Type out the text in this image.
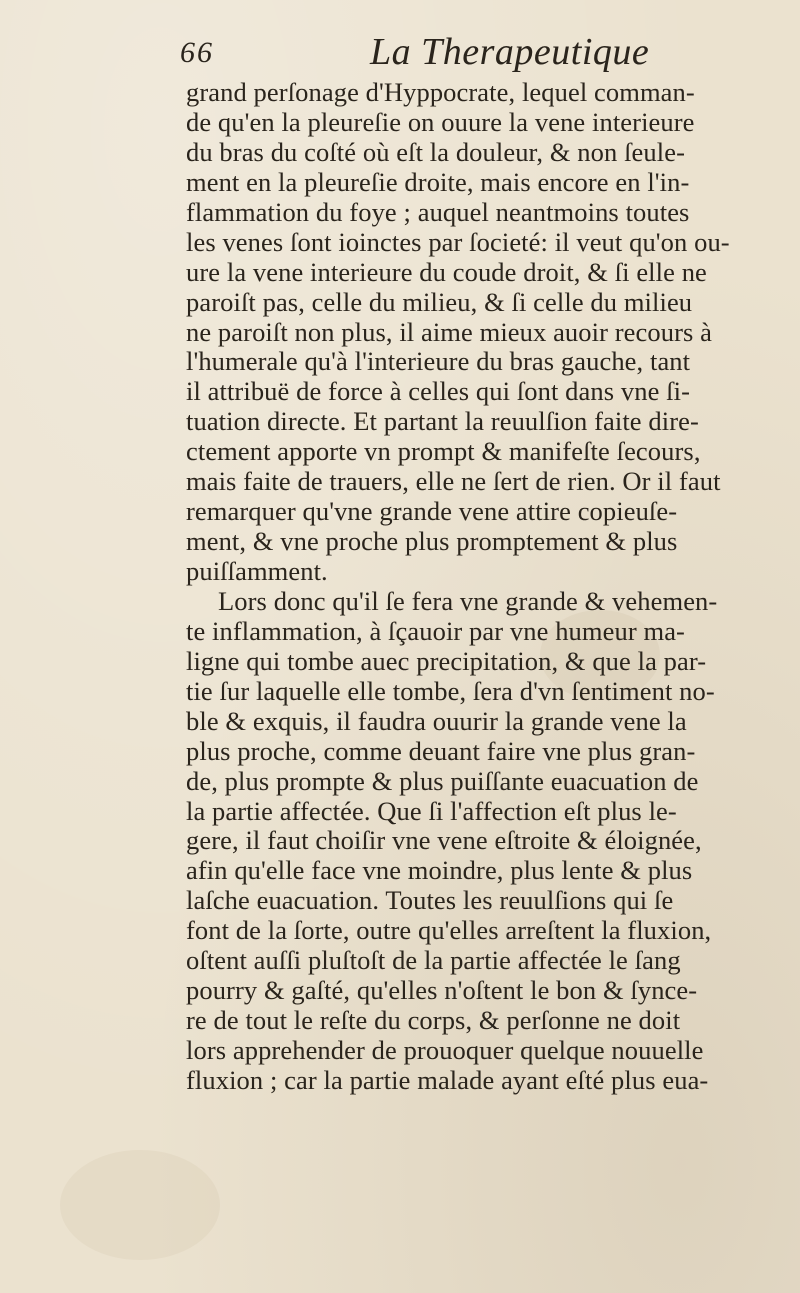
66	La Therapeutique
grand perſonage d'Hyppocrate, lequel comman-
de qu'en la pleureſie on ouure la vene interieure
du bras du coſté où eſt la douleur, & non ſeule-
ment en la pleureſie droite, mais encore en l'in-
flammation du foye ; auquel neantmoins toutes
les venes ſont ioinctes par ſocieté: il veut qu'on ou-
ure la vene interieure du coude droit, & ſi elle ne
paroiſt pas, celle du milieu, & ſi celle du milieu
ne paroiſt non plus, il aime mieux auoir recours à
l'humerale qu'à l'interieure du bras gauche, tant
il attribuë de force à celles qui ſont dans vne ſi-
tuation directe. Et partant la reuulſion faite dire-
ctement apporte vn prompt & manifeſte ſecours,
mais faite de trauers, elle ne ſert de rien. Or il faut
remarquer qu'vne grande vene attire copieuſe-
ment, & vne proche plus promptement & plus
puiſſamment.
Lors donc qu'il ſe fera vne grande & vehemen-
te inflammation, à ſçauoir par vne humeur ma-
ligne qui tombe auec precipitation, & que la par-
tie ſur laquelle elle tombe, ſera d'vn ſentiment no-
ble & exquis, il faudra ouurir la grande vene la
plus proche, comme deuant faire vne plus gran-
de, plus prompte & plus puiſſante euacuation de
la partie affectée. Que ſi l'affection eſt plus le-
gere, il faut choiſir vne vene eſtroite & éloignée,
afin qu'elle face vne moindre, plus lente & plus
laſche euacuation. Toutes les reuulſions qui ſe
font de la ſorte, outre qu'elles arreſtent la fluxion,
oſtent auſſi pluſtoſt de la partie affectée le ſang
pourry & gaſté, qu'elles n'oſtent le bon & ſynce-
re de tout le reſte du corps, & perſonne ne doit
lors apprehender de prouoquer quelque nouuelle
fluxion ; car la partie malade ayant eſté plus eua-
